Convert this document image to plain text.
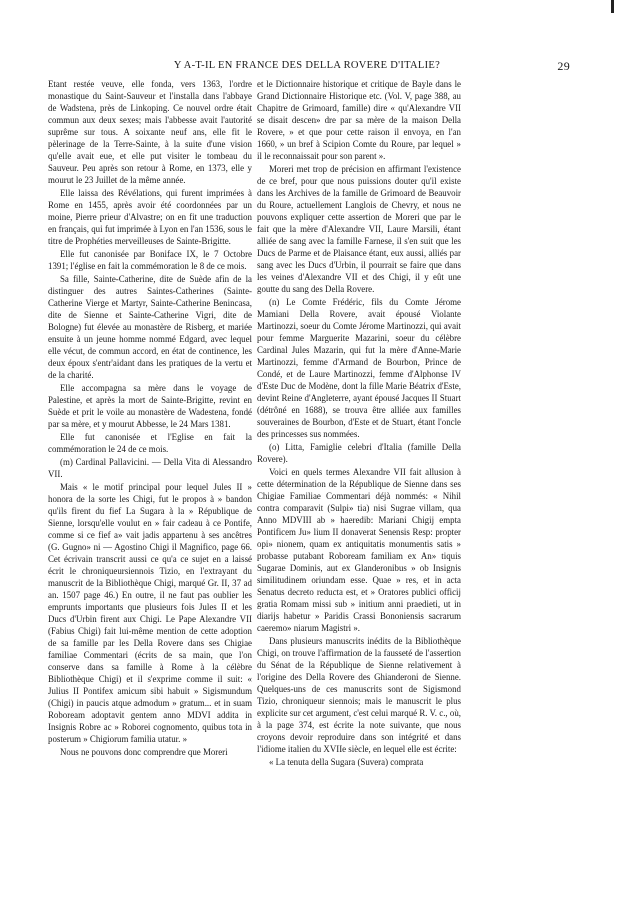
Y A-T-IL EN FRANCE DES DELLA ROVERE D'ITALIE?	29

Etant restée veuve, elle fonda, vers 1363, l'ordre monastique du Saint-Sauveur et l'installa dans l'abbaye de Wadstena, près de Linkoping. Ce nouvel ordre était commun aux deux sexes; mais l'abbesse avait l'autorité suprême sur tous. A soixante neuf ans, elle fit le pèlerinage de la Terre-Sainte, à la suite d'une vision qu'elle avait eue, et elle put visiter le tombeau du Sauveur. Peu après son retour à Rome, en 1373, elle y mourut le 23 Juillet de la même année.

Elle laissa des Révélations, qui furent imprimées à Rome en 1455, après avoir été coordonnées par un moine, Pierre prieur d'Alvastre; on en fit une traduction en français, qui fut imprimée à Lyon en l'an 1536, sous le titre de Prophéties merveilleuses de Sainte-Brigitte.

Elle fut canonisée par Boniface IX, le 7 Octobre 1391; l'église en fait la commémoration le 8 de ce mois.

Sa fille, Sainte-Catherine, dite de Suède afin de la distinguer des autres Saintes-Catherines (Sainte-Catherine Vierge et Martyr, Sainte-Catherine Benincasa, dite de Sienne et Sainte-Catherine Vigri, dite de Bologne) fut élevée au monastère de Risberg, et mariée ensuite à un jeune homme nommé Edgard, avec lequel elle vécut, de commun accord, en état de continence, les deux époux s'entr'aidant dans les pratiques de la vertu et de la charité.

Elle accompagna sa mère dans le voyage de Palestine, et après la mort de Sainte-Brigitte, revint en Suède et prit le voile au monastère de Wadestena, fondé par sa mère, et y mourut Abbesse, le 24 Mars 1381.

Elle fut canonisée et l'Eglise en fait la commémoration le 24 de ce mois.

(m) Cardinal Pallavicini. — Della Vita di Alessandro VII.

Mais « le motif principal pour lequel Jules II » honora de la sorte les Chigi, fut le propos à » bandon qu'ils firent du fief La Sugara à la » République de Sienne, lorsqu'elle voulut en » fair cadeau à ce Pontife, comme si ce fief a» vait jadis appartenu à ses ancêtres (G. Gugno» ni — Agostino Chigi il Magnifico, page 66. Cet écrivain transcrit aussi ce qu'a ce sujet en a laissé écrit le chroniqueursiennois Tizio, en l'extrayant du manuscrit de la Bibliothèque Chigi, marqué Gr. II, 37 ad an. 1507 page 46.) En outre, il ne faut pas oublier les emprunts importants que plusieurs fois Jules II et les Ducs d'Urbin firent aux Chigi. Le Pape Alexandre VII (Fabius Chigi) fait lui-même mention de cette adoption de sa famille par les Della Rovere dans ses Chigiae familiae Commentari (écrits de sa main, que l'on conserve dans sa famille à Rome à la célèbre Bibliothèque Chigi) et il s'exprime comme il suit: « Julius II Pontifex amicum sibi habuit » Sigismundum (Chigi) in paucis atque admodum » gratum... et in suam Roboream adoptavit gentem anno MDVI addita in Insignis Robre ac » Roborei cognomento, quibus tota in posterum » Chigiorum familia utatur. »

Nous ne pouvons donc comprendre que Moreri

et le Dictionnaire historique et critique de Bayle dans le Grand Dictionnaire Historique etc. (Vol. V, page 388, au Chapitre de Grimoard, famille) dire « qu'Alexandre VII se disait descen» dre par sa mère de la maison Della Rovere, » et que pour cette raison il envoya, en l'an 1660, » un bref à Scipion Comte du Roure, par lequel » il le reconnaissait pour son parent ».

Moreri met trop de précision en affirmant l'existence de ce bref, pour que nous puissions douter qu'il existe dans les Archives de la famille de Grimoard de Beauvoir du Roure, actuellement Langlois de Chevry, et nous ne pouvons expliquer cette assertion de Moreri que par le fait que la mère d'Alexandre VII, Laure Marsili, étant alliée de sang avec la famille Farnese, il s'en suit que les Ducs de Parme et de Plaisance étant, eux aussi, alliés par sang avec les Ducs d'Urbin, il pourrait se faire que dans les veines d'Alexandre VII et des Chigi, il y eût une goutte du sang des Della Rovere.

(n) Le Comte Frédéric, fils du Comte Jérome Mamiani Della Rovere, avait épousé Violante Martinozzi, soeur du Comte Jérome Martinozzi, qui avait pour femme Marguerite Mazarini, soeur du célèbre Cardinal Jules Mazarin, qui fut la mère d'Anne-Marie Martinozzi, femme d'Armand de Bourbon, Prince de Condé, et de Laure Martinozzi, femme d'Alphonse IV d'Este Duc de Modène, dont la fille Marie Béatrix d'Este, devint Reine d'Angleterre, ayant épousé Jacques II Stuart (détrôné en 1688), se trouva être alliée aux familles souveraines de Bourbon, d'Este et de Stuart, étant l'oncle des princesses sus nommées.

(o) Litta, Famiglie celebri d'Italia (famille Della Rovere).

Voici en quels termes Alexandre VII fait allusion à cette détermination de la République de Sienne dans ses Chigiae Familiae Commentari déjà nommés: « Nihil contra comparavit (Sulpi» tia) nisi Sugrae villam, qua Anno MDVIII ab » haeredib: Mariani Chigij empta Pontificem Ju» lium II donaverat Senensis Resp: propter opi» nionem, quam ex antiquitatis monumentis satis » probasse putabant Roboream familiam ex An» tiquis Sugarae Dominis, aut ex Glanderonibus » ob Insignis similitudinem oriundam esse. Quae » res, et in acta Senatus decreto reducta est, et » Oratores publici officij gratia Romam missi sub » initium anni praedieti, ut in diarijs habetur » Paridis Crassi Bononiensis sacrarum caeremo» niarum Magistri ».

Dans plusieurs manuscrits inédits de la Bibliothèque Chigi, on trouve l'affirmation de la fausseté de l'assertion du Sénat de la République de Sienne relativement à l'origine des Della Rovere des Ghianderoni de Sienne. Quelques-uns de ces manuscrits sont de Sigismond Tizio, chroniqueur siennois; mais le manuscrit le plus explicite sur cet argument, c'est celui marqué R. V. c., où, à la page 374, est écrite la note suivante, que nous croyons devoir reproduire dans son intégrité et dans l'idiome italien du XVIIe siècle, en lequel elle est écrite:

« La tenuta della Sugara (Suvera) comprata
